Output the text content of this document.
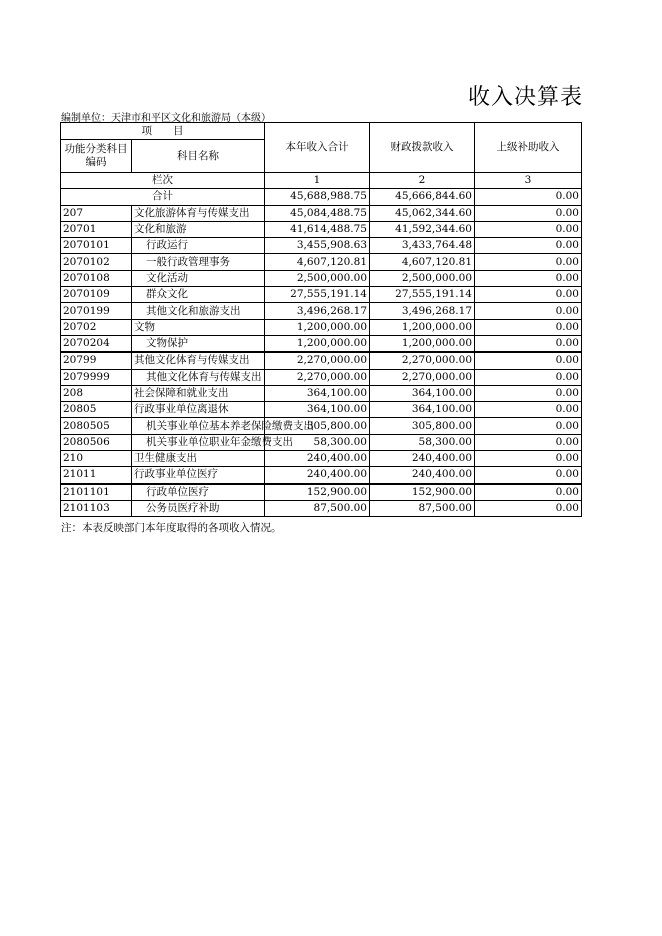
收入决算表
编制单位：天津市和平区文化和旅游局（本级）
项　　目		本年收入合计	财政拨款收入	上级补助收入
功能分类科目编码	科目名称			
栏次		1	2	3
合计		45,688,988.75	45,666,844.60	0.00
207	文化旅游体育与传媒支出	45,084,488.75	45,062,344.60	0.00
20701	文化和旅游	41,614,488.75	41,592,344.60	0.00
2070101	行政运行	3,455,908.63	3,433,764.48	0.00
2070102	一般行政管理事务	4,607,120.81	4,607,120.81	0.00
2070108	文化活动	2,500,000.00	2,500,000.00	0.00
2070109	群众文化	27,555,191.14	27,555,191.14	0.00
2070199	其他文化和旅游支出	3,496,268.17	3,496,268.17	0.00
20702	文物	1,200,000.00	1,200,000.00	0.00
2070204	文物保护	1,200,000.00	1,200,000.00	0.00
20799	其他文化体育与传媒支出	2,270,000.00	2,270,000.00	0.00
2079999	其他文化体育与传媒支出	2,270,000.00	2,270,000.00	0.00
208	社会保障和就业支出	364,100.00	364,100.00	0.00
20805	行政事业单位离退休	364,100.00	364,100.00	0.00
2080505	机关事业单位基本养老保险缴费支出	305,800.00	305,800.00	0.00
2080506	机关事业单位职业年金缴费支出	58,300.00	58,300.00	0.00
210	卫生健康支出	240,400.00	240,400.00	0.00
21011	行政事业单位医疗	240,400.00	240,400.00	0.00
2101101	行政单位医疗	152,900.00	152,900.00	0.00
2101103	公务员医疗补助	87,500.00	87,500.00	0.00
注：本表反映部门本年度取得的各项收入情况。
